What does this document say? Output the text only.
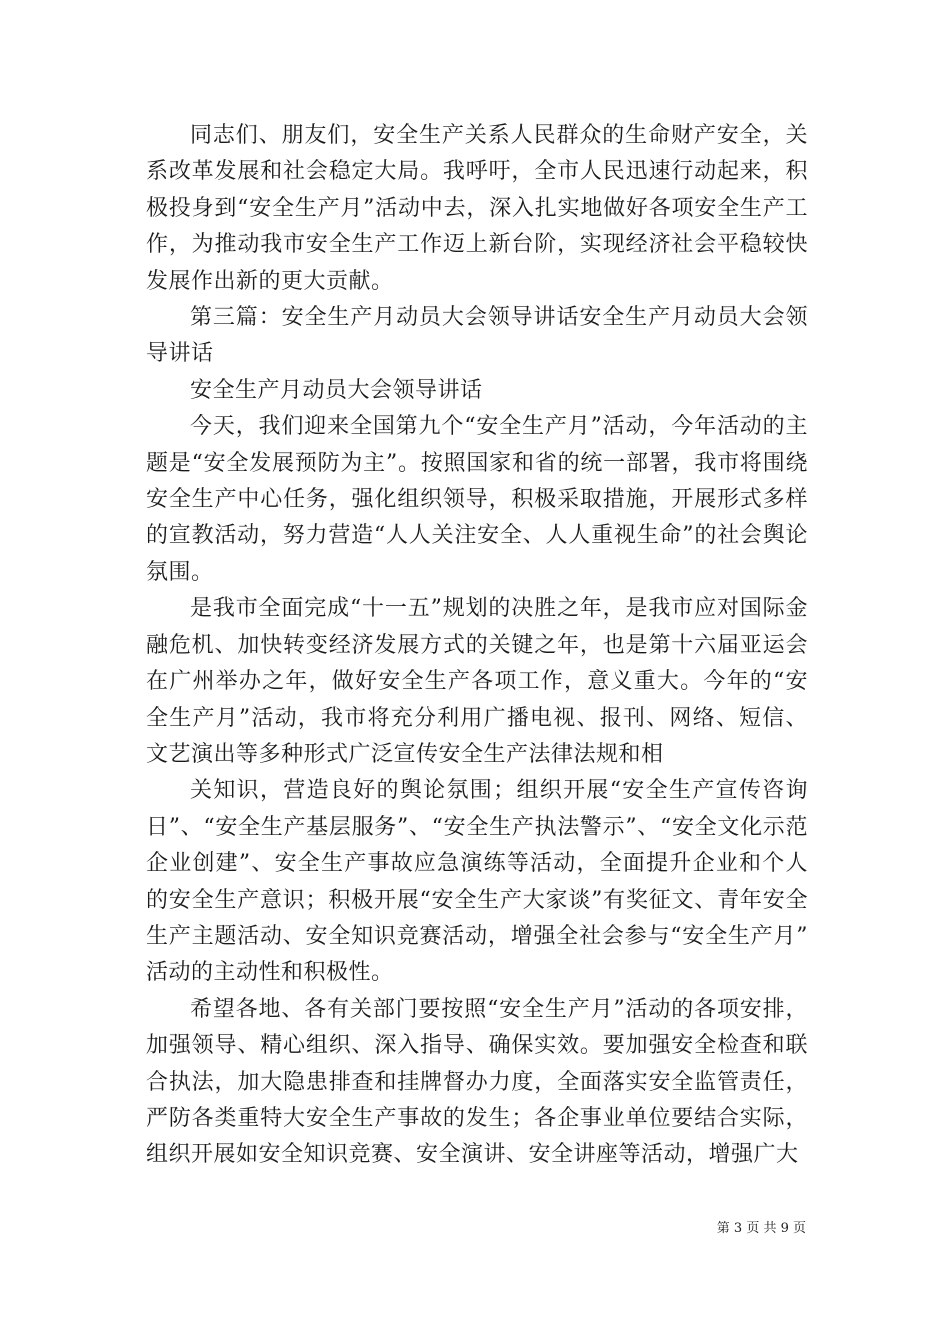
同志们、朋友们，安全生产关系人民群众的生命财产安全，关系改革发展和社会稳定大局。我呼吁，全市人民迅速行动起来，积极投身到“安全生产月”活动中去，深入扎实地做好各项安全生产工作，为推动我市安全生产工作迈上新台阶，实现经济社会平稳较快发展作出新的更大贡献。

第三篇：安全生产月动员大会领导讲话安全生产月动员大会领导讲话

安全生产月动员大会领导讲话

今天，我们迎来全国第九个“安全生产月”活动，今年活动的主题是“安全发展预防为主”。按照国家和省的统一部署，我市将围绕安全生产中心任务，强化组织领导，积极采取措施，开展形式多样的宣教活动，努力营造“人人关注安全、人人重视生命”的社会舆论氛围。

是我市全面完成“十一五”规划的决胜之年，是我市应对国际金融危机、加快转变经济发展方式的关键之年，也是第十六届亚运会在广州举办之年，做好安全生产各项工作，意义重大。今年的“安全生产月”活动，我市将充分利用广播电视、报刊、网络、短信、文艺演出等多种形式广泛宣传安全生产法律法规和相

关知识，营造良好的舆论氛围；组织开展“安全生产宣传咨询日”、“安全生产基层服务”、“安全生产执法警示”、“安全文化示范企业创建”、安全生产事故应急演练等活动，全面提升企业和个人的安全生产意识；积极开展“安全生产大家谈”有奖征文、青年安全生产主题活动、安全知识竞赛活动，增强全社会参与“安全生产月”活动的主动性和积极性。

希望各地、各有关部门要按照“安全生产月”活动的各项安排，加强领导、精心组织、深入指导、确保实效。要加强安全检查和联合执法，加大隐患排查和挂牌督办力度，全面落实安全监管责任，严防各类重特大安全生产事故的发生；各企事业单位要结合实际，组织开展如安全知识竞赛、安全演讲、安全讲座等活动，增强广大

第 3 页 共 9 页
